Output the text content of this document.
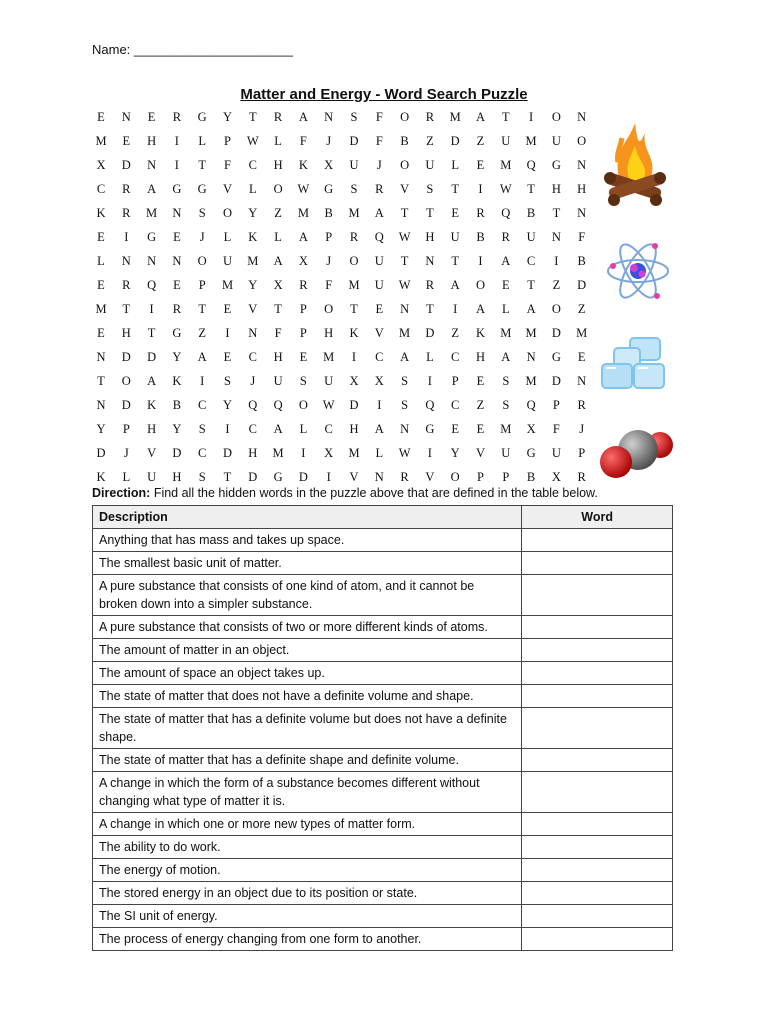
Name: ______________________
Matter and Energy - Word Search Puzzle
E	N	E	R	G	Y	T	R	A	N	S	F	O	R	M	A	T	I	O	N
M	E	H	I	L	P	W	L	F	J	D	F	B	Z	D	Z	U	M	U	O
X	D	N	I	T	F	C	H	K	X	U	J	O	U	L	E	M	Q	G	N
C	R	A	G	G	V	L	O	W	G	S	R	V	S	T	I	W	T	H	H
K	R	M	N	S	O	Y	Z	M	B	M	A	T	T	E	R	Q	B	T	N
E	I	G	E	J	L	K	L	A	P	R	Q	W	H	U	B	R	U	N	F
L	N	N	N	O	U	M	A	X	J	O	U	T	N	T	I	A	C	I	B
E	R	Q	E	P	M	Y	X	R	F	M	U	W	R	A	O	E	T	Z	D
M	T	I	R	T	E	V	T	P	O	T	E	N	T	I	A	L	A	O	Z
E	H	T	G	Z	I	N	F	P	H	K	V	M	D	Z	K	M	M	D	M
N	D	D	Y	A	E	C	H	E	M	I	C	A	L	C	H	A	N	G	E
T	O	A	K	I	S	J	U	S	U	X	X	S	I	P	E	S	M	D	N
N	D	K	B	C	Y	Q	Q	O	W	D	I	S	Q	C	Z	S	Q	P	R
Y	P	H	Y	S	I	C	A	L	C	H	A	N	G	E	E	M	X	F	J
D	J	V	D	C	D	H	M	I	X	M	L	W	I	Y	V	U	G	U	P
K	L	U	H	S	T	D	G	D	I	V	N	R	V	O	P	P	B	X	R
Direction: Find all the hidden words in the puzzle above that are defined in the table below.
Description	Word
Anything that has mass and takes up space.	
The smallest basic unit of matter.	
A pure substance that consists of one kind of atom, and it cannot be broken down into a simpler substance.	
A pure substance that consists of two or more different kinds of atoms.	
The amount of matter in an object.	
The amount of space an object takes up.	
The state of matter that does not have a definite volume and shape.	
The state of matter that has a definite volume but does not have a definite shape.	
The state of matter that has a definite shape and definite volume.	
A change in which the form of a substance becomes different without changing what type of matter it is.	
A change in which one or more new types of matter form.	
The ability to do work.	
The energy of motion.	
The stored energy in an object due to its position or state.	
The SI unit of energy.	
The process of energy changing from one form to another.	
